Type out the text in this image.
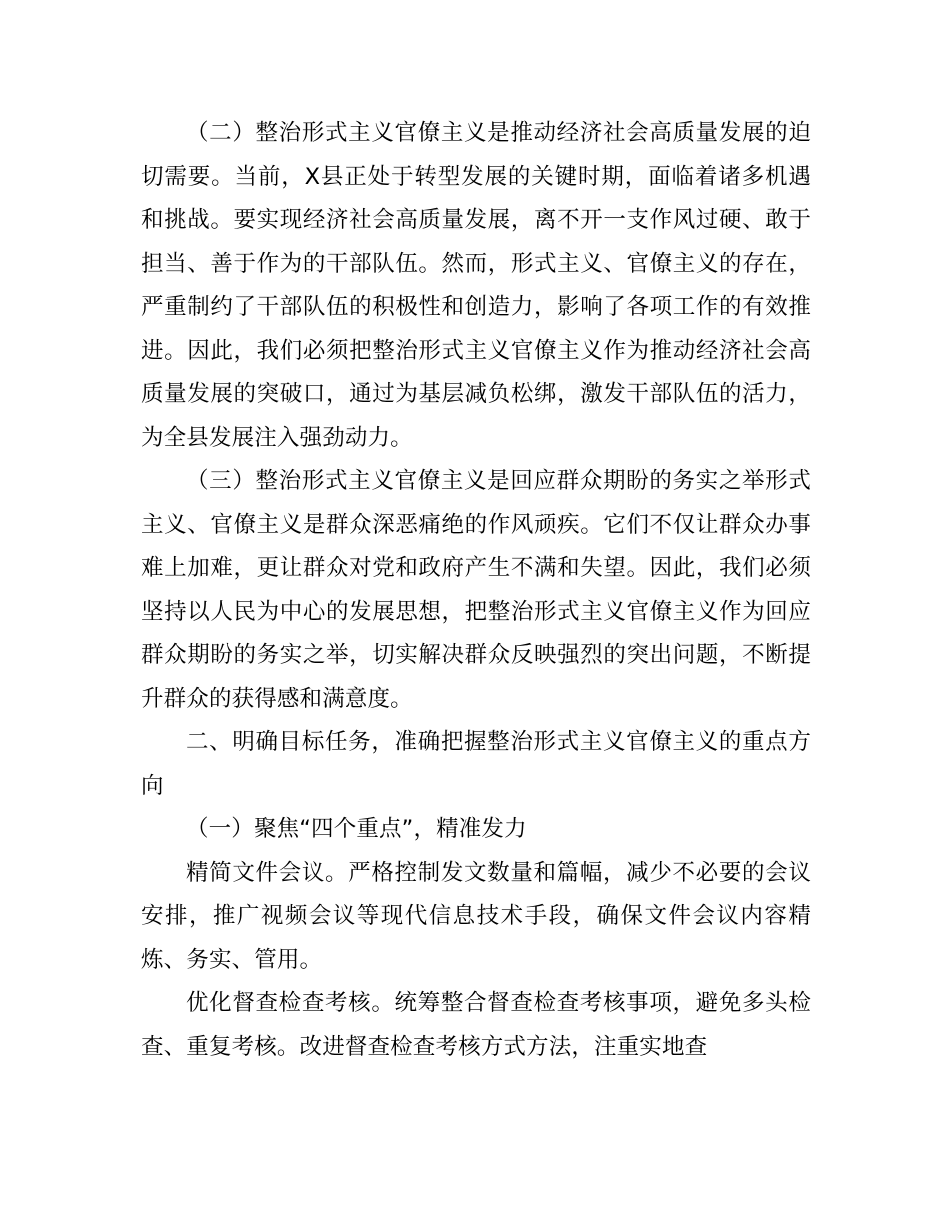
（二）整治形式主义官僚主义是推动经济社会高质量发展的迫切需要。当前，X县正处于转型发展的关键时期，面临着诸多机遇和挑战。要实现经济社会高质量发展，离不开一支作风过硬、敢于担当、善于作为的干部队伍。然而，形式主义、官僚主义的存在，严重制约了干部队伍的积极性和创造力，影响了各项工作的有效推进。因此，我们必须把整治形式主义官僚主义作为推动经济社会高质量发展的突破口，通过为基层减负松绑，激发干部队伍的活力，为全县发展注入强劲动力。

（三）整治形式主义官僚主义是回应群众期盼的务实之举形式主义、官僚主义是群众深恶痛绝的作风顽疾。它们不仅让群众办事难上加难，更让群众对党和政府产生不满和失望。因此，我们必须坚持以人民为中心的发展思想，把整治形式主义官僚主义作为回应群众期盼的务实之举，切实解决群众反映强烈的突出问题，不断提升群众的获得感和满意度。

二、明确目标任务，准确把握整治形式主义官僚主义的重点方向

（一）聚焦“四个重点”，精准发力

精简文件会议。严格控制发文数量和篇幅，减少不必要的会议安排，推广视频会议等现代信息技术手段，确保文件会议内容精炼、务实、管用。

优化督查检查考核。统筹整合督查检查考核事项，避免多头检查、重复考核。改进督查检查考核方式方法，注重实地查
